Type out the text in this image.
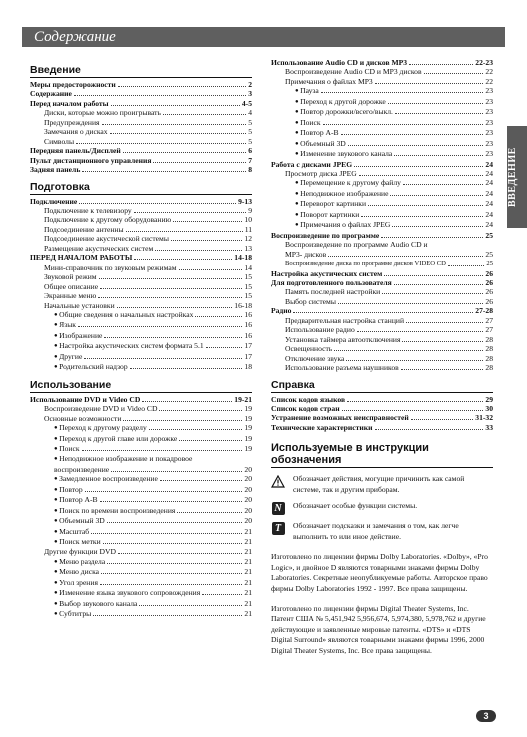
Содержание
ВВЕДЕНИЕ
Введение
Меры предосторожности	2
Содержание	3
Перед началом работы	4-5
Диски, которые можно проигрывать	4
Предупреждения	5
Замечания о дисках	5
Символы	5
Передняя панель/Дисплей	6
Пульт дистанционного управления	7
Задняя панель	8
Подготовка
Подключение	9-13
Подключение к телевизору	9
Подключение к другому оборудованию	10
Подсоединение антенны	11
Подсоединение акустической системы	12
Размещение акустических систем	13
ПЕРЕД НАЧАЛОМ РАБОТЫ	14-18
Мини-справочник по звуковым режимам	14
Звуковой режим	15
Общее описание	15
Экранные меню	15
Начальные установки	16-18
● Общие сведения о начальных настройках	16
● Язык	16
● Изображение	16
● Настройка акустических систем формата 5.1	17
● Другие	17
● Родительский надзор	18
Использование
Использование DVD и Video CD	19-21
Воспроизведение DVD и Video CD	19
Основные возможности	19
● Переход к другому разделу	19
● Переход к другой главе или дорожке	19
● Поиск	19
● Неподвижное изображение и покадровое
воспроизведение	20
● Замедленное воспроизведение	20
● Повтор	20
● Повтор A-B	20
● Поиск по времени воспроизведения	20
● Объемный 3D	20
● Масштаб	21
● Поиск метки	21
Другие функции DVD	21
● Меню раздела	21
● Меню диска	21
● Угол зрения	21
● Изменение языка звукового сопровождения	21
● Выбор звукового канала	21
● Субтитры	21
Использование Audio CD и дисков MP3	22-23
Воспроизведение Audio CD и MP3 дисков	22
Примечания о файлах MP3	22
● Пауза	23
● Переход к другой дорожке	23
● Повтор дорожки/всего/выкл.	23
● Поиск	23
● Повтор A-B	23
● Объемный 3D	23
● Изменение звукового канала	23
Работа с дисками JPEG	24
Просмотр диска JPEG	24
● Перемещение к другому файлу	24
● Неподвижное изображение	24
● Переворот картинки	24
● Поворот картинки	24
● Примечания о файлах JPEG	24
Воспроизведение по программе	25
Воспроизведение по программе Audio CD и
MP3- дисков	25
Воспроизведение диска по программе дисков VIDEO CD	25
Настройка акустических систем	26
Для подготовленного пользователя	26
Память последней настройки	26
Выбор системы	26
Радио	27-28
Предварительная настройка станций	27
Использование радио	27
Установка таймера автоотключения	28
Освещенность	28
Отключение звука	28
Использование разъема наушников	28
Справка
Список кодов языков	29
Список кодов стран	30
Устранение возможных неисправностей	31-32
Технические характеристики	33
Используемые в инструкции обозначения
Обозначает действия, могущие причинить как самой системе, так и другим приборам.
N	Обозначает особые функции системы.
T	Обозначает подсказки и замечания о том, как легче выполнить то или иное действие.
Изготовлено по лицензии фирмы Dolby Laboratories. «Dolby», «Pro Logic», и двойное D являются товарными знаками фирмы Dolby Laboratories. Секретные неопубликуемые работы. Авторское право фирмы Dolby Laboratories 1992 - 1997. Все права защищены.
Изготовлено по лицензии фирмы Digital Theater Systems, Inc. Патент США № 5,451,942 5,956,674, 5,974,380, 5,978,762 и другие действующие и заявленные мировые патенты. «DTS» и «DTS Digital Surround» являются товарными знаками фирмы 1996, 2000 Digital Theater Systems, Inc. Все права защищены.
3
